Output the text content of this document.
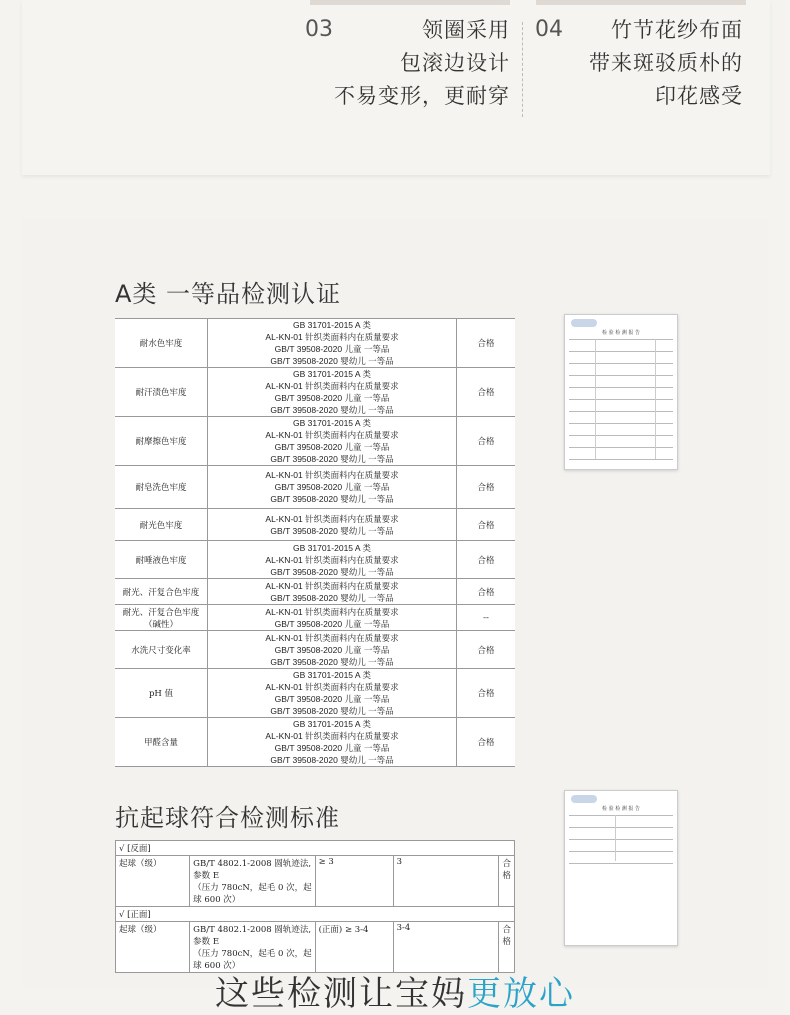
03	领圈采用
包滚边设计
不易变形，更耐穿
04	竹节花纱布面
带来斑驳质朴的
印花感受
A类 一等品检测认证
耐水色牢度	GB 31701-2015 A 类
AL-KN-01 针织类面料内在质量要求
GB/T 39508-2020 儿童 一等品
GB/T 39508-2020 婴幼儿 一等品	合格
耐汗渍色牢度	GB 31701-2015 A 类
AL-KN-01 针织类面料内在质量要求
GB/T 39508-2020 儿童 一等品
GB/T 39508-2020 婴幼儿 一等品	合格
耐摩擦色牢度	GB 31701-2015 A 类
AL-KN-01 针织类面料内在质量要求
GB/T 39508-2020 儿童 一等品
GB/T 39508-2020 婴幼儿 一等品	合格
耐皂洗色牢度	AL-KN-01 针织类面料内在质量要求
GB/T 39508-2020 儿童 一等品
GB/T 39508-2020 婴幼儿 一等品	合格
耐光色牢度	AL-KN-01 针织类面料内在质量要求
GB/T 39508-2020 婴幼儿 一等品	合格
耐唾液色牢度	GB 31701-2015 A 类
AL-KN-01 针织类面料内在质量要求
GB/T 39508-2020 婴幼儿 一等品	合格
耐光、汗复合色牢度	AL-KN-01 针织类面料内在质量要求
GB/T 39508-2020 婴幼儿 一等品	合格
耐光、汗复合色牢度（碱性）	AL-KN-01 针织类面料内在质量要求
GB/T 39508-2020 儿童 一等品	--
水洗尺寸变化率	AL-KN-01 针织类面料内在质量要求
GB/T 39508-2020 儿童 一等品
GB/T 39508-2020 婴幼儿 一等品	合格
pH 值	GB 31701-2015 A 类
AL-KN-01 针织类面料内在质量要求
GB/T 39508-2020 儿童 一等品
GB/T 39508-2020 婴幼儿 一等品	合格
甲醛含量	GB 31701-2015 A 类
AL-KN-01 针织类面料内在质量要求
GB/T 39508-2020 儿童 一等品
GB/T 39508-2020 婴幼儿 一等品	合格
检 验 检 测 报 告
抗起球符合检测标准
√ [反面]				
起球（级）	GB/T 4802.1-2008 圆轨迹法,
参数 E
（压力 780cN，起毛 0 次，起
球 600 次）	≥ 3	3	合格
√ [正面]				
起球（级）	GB/T 4802.1-2008 圆轨迹法,
参数 E
（压力 780cN，起毛 0 次，起
球 600 次）	(正面) ≥ 3-4	3-4	合格
检 验 检 测 报 告
这些检测让宝妈更放心
